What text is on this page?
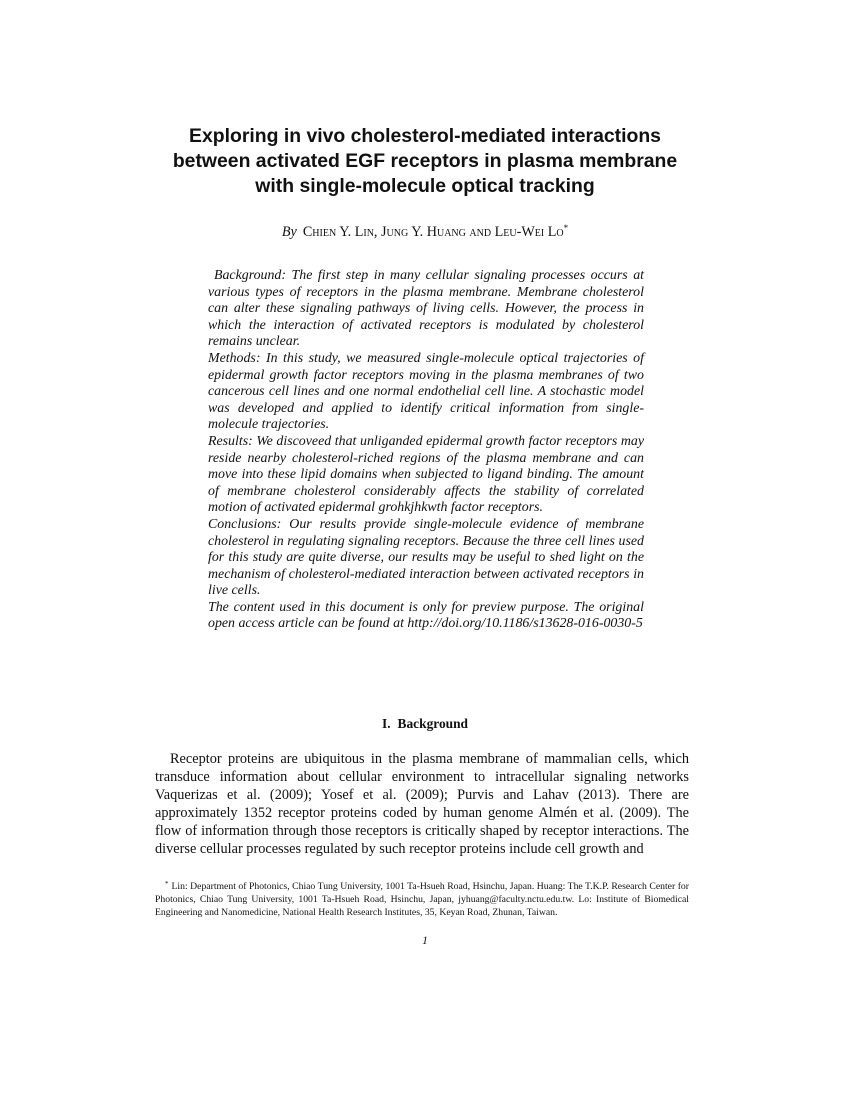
Exploring in vivo cholesterol-mediated interactions
between activated EGF receptors in plasma membrane
with single-molecule optical tracking
By Chien Y. Lin, Jung Y. Huang and Leu-Wei Lo*

Background: The first step in many cellular signaling processes occurs at various types of receptors in the plasma membrane. Membrane cholesterol can alter these signaling pathways of living cells. However, the process in which the interaction of activated receptors is modulated by cholesterol remains unclear.

Methods: In this study, we measured single-molecule optical trajectories of epidermal growth factor receptors moving in the plasma membranes of two cancerous cell lines and one normal endothelial cell line. A stochastic model was developed and applied to identify critical information from single-molecule trajectories.

Results: We discoveed that unliganded epidermal growth factor receptors may reside nearby cholesterol-riched regions of the plasma membrane and can move into these lipid domains when subjected to ligand binding. The amount of membrane cholesterol considerably affects the stability of correlated motion of activated epidermal grohkjhkwth factor receptors.

Conclusions: Our results provide single-molecule evidence of membrane cholesterol in regulating signaling receptors. Because the three cell lines used for this study are quite diverse, our results may be useful to shed light on the mechanism of cholesterol-mediated interaction between activated receptors in live cells.

The content used in this document is only for preview purpose. The original open access article can be found at http://doi.org/10.1186/s13628-016-0030-5

I. Background

Receptor proteins are ubiquitous in the plasma membrane of mammalian cells, which transduce information about cellular environment to intracellular signaling networks Vaquerizas et al. (2009); Yosef et al. (2009); Purvis and Lahav (2013). There are approximately 1352 receptor proteins coded by human genome Almén et al. (2009). The flow of information through those receptors is critically shaped by receptor interactions. The diverse cellular processes regulated by such receptor proteins include cell growth and

* Lin: Department of Photonics, Chiao Tung University, 1001 Ta-Hsueh Road, Hsinchu, Japan. Huang: The T.K.P. Research Center for Photonics, Chiao Tung University, 1001 Ta-Hsueh Road, Hsinchu, Japan, jyhuang@faculty.nctu.edu.tw. Lo: Institute of Biomedical Engineering and Nanomedicine, National Health Research Institutes, 35, Keyan Road, Zhunan, Taiwan.

1
